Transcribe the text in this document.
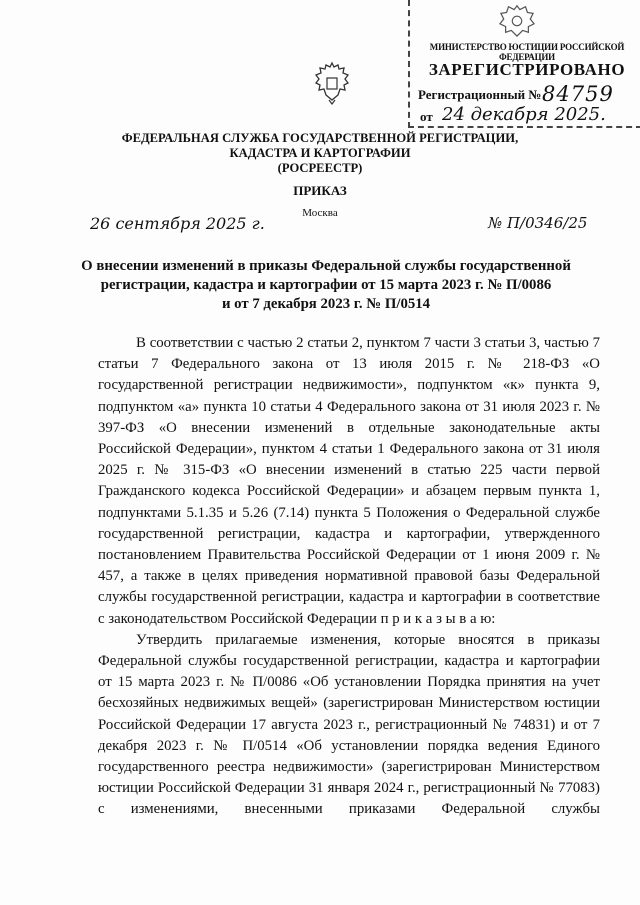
МИНИСТЕРСТВО ЮСТИЦИИ РОССИЙСКОЙ ФЕДЕРАЦИИ
ЗАРЕГИСТРИРОВАНО
Регистрационный № 84759
от 24 декабря 2025.
ФЕДЕРАЛЬНАЯ СЛУЖБА ГОСУДАРСТВЕННОЙ РЕГИСТРАЦИИ,
КАДАСТРА И КАРТОГРАФИИ
(РОСРЕЕСТР)
ПРИКАЗ
Москва
26 сентября 2025 г.	№ П/0346/25
О внесении изменений в приказы Федеральной службы государственной
регистрации, кадастра и картографии от 15 марта 2023 г. № П/0086
и от 7 декабря 2023 г. № П/0514

В соответствии с частью 2 статьи 2, пунктом 7 части 3 статьи 3, частью 7 статьи 7 Федерального закона от 13 июля 2015 г. № 218-ФЗ «О государственной регистрации недвижимости», подпунктом «к» пункта 9, подпунктом «а» пункта 10 статьи 4 Федерального закона от 31 июля 2023 г. № 397-ФЗ «О внесении изменений в отдельные законодательные акты Российской Федерации», пунктом 4 статьи 1 Федерального закона от 31 июля 2025 г. № 315-ФЗ «О внесении изменений в статью 225 части первой Гражданского кодекса Российской Федерации» и абзацем первым пункта 1, подпунктами 5.1.35 и 5.26 (7.14) пункта 5 Положения о Федеральной службе государственной регистрации, кадастра и картографии, утвержденного постановлением Правительства Российской Федерации от 1 июня 2009 г. № 457, а также в целях приведения нормативной правовой базы Федеральной службы государственной регистрации, кадастра и картографии в соответствие с законодательством Российской Федерации п р и к а з ы в а ю:

Утвердить прилагаемые изменения, которые вносятся в приказы Федеральной службы государственной регистрации, кадастра и картографии от 15 марта 2023 г. № П/0086 «Об установлении Порядка принятия на учет бесхозяйных недвижимых вещей» (зарегистрирован Министерством юстиции Российской Федерации 17 августа 2023 г., регистрационный № 74831) и от 7 декабря 2023 г. № П/0514 «Об установлении порядка ведения Единого государственного реестра недвижимости» (зарегистрирован Министерством юстиции Российской Федерации 31 января 2024 г., регистрационный № 77083) с изменениями, внесенными приказами Федеральной службы
